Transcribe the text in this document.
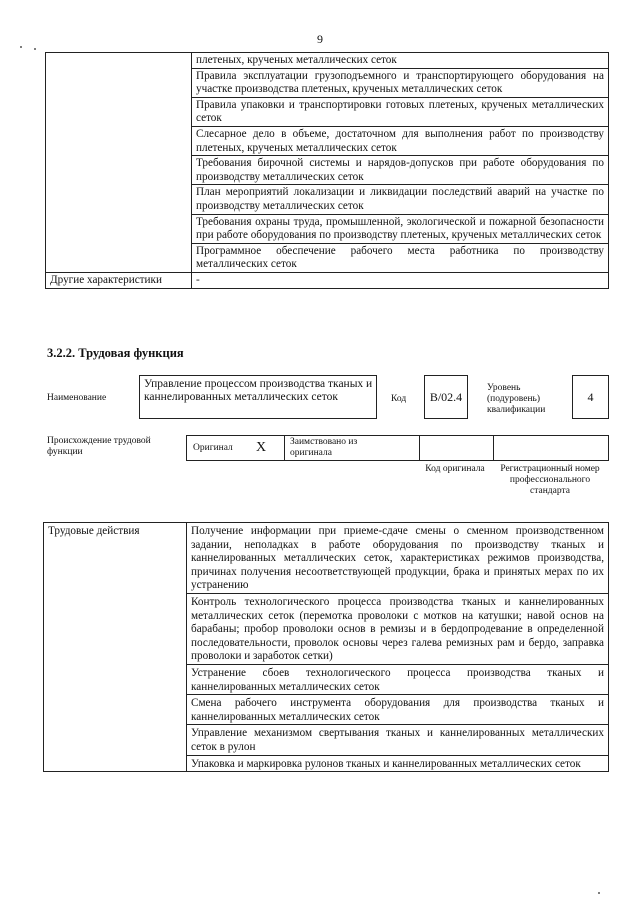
9
	плетеных, крученых металлических сеток
	Правила эксплуатации грузоподъемного и транспортирующего оборудования на участке производства плетеных, крученых металлических сеток
	Правила упаковки и транспортировки готовых плетеных, крученых металлических сеток
	Слесарное дело в объеме, достаточном для выполнения работ по производству плетеных, крученых металлических сеток
	Требования бирочной системы и нарядов-допусков при работе оборудования по производству металлических сеток
	План мероприятий локализации и ликвидации последствий аварий на участке по производству металлических сеток
	Требования охраны труда, промышленной, экологической и пожарной безопасности при работе оборудования по производству плетеных, крученых металлических сеток
	Программное обеспечение рабочего места работника по производству металлических сеток
Другие характеристики	-
3.2.2. Трудовая функция
Наименование
Управление процессом производства тканых и каннелированных металлических сеток	Код В/02.4
Уровень (подуровень) квалификации
4
Происхождение трудовой функции	Оригинал X	Заимствовано из оригинала
Код оригинала	Регистрационный номер профессионального стандарта
Трудовые действия	Получение информации при приеме-сдаче смены о сменном производственном задании, неполадках в работе оборудования по производству тканых и каннелированных металлических сеток, характеристиках режимов производства, причинах получения несоответствующей продукции, брака и принятых мерах по их устранению
Контроль технологического процесса производства тканых и каннелированных металлических сеток (перемотка проволоки с мотков на катушки; навой основ на барабаны; пробор проволоки основ в ремизы и в бердопродевание в определенной последовательности, проволок основы через галева ремизных рам и бердо, заправка проволоки и заработок сетки)
Устранение сбоев технологического процесса производства тканых и каннелированных металлических сеток
Смена рабочего инструмента оборудования для производства тканых и каннелированных металлических сеток
Управление механизмом свертывания тканых и каннелированных металлических сеток в рулон
Упаковка и маркировка рулонов тканых и каннелированных металлических сеток
